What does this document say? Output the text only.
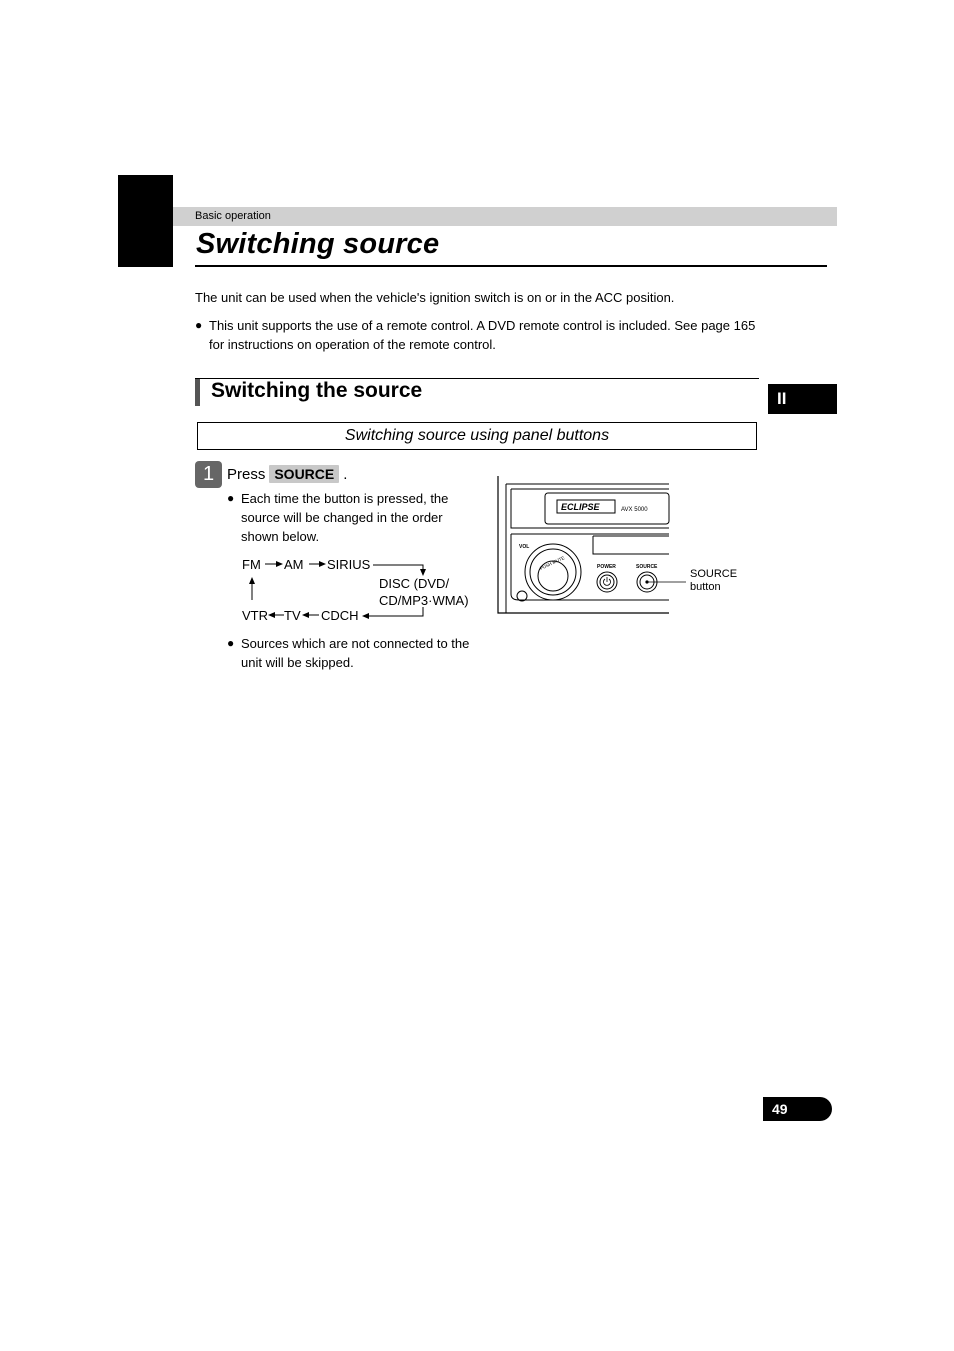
Basic operation
Switching source
The unit can be used when the vehicle's ignition switch is on or in the ACC position.
● This unit supports the use of a remote control. A DVD remote control is included. See page 165 for instructions on operation of the remote control.
Switching the source	II
Switching source using panel buttons
1 Press SOURCE .
● Each time the button is pressed, the source will be changed in the order shown below.
FM AM SIRIUS
DISC (DVD/
CD/MP3·WMA)
CDCH
TV
VTR
● Sources which are not connected to the unit will be skipped.
ECLIPSE	AVX 5000
VOL
PUSH MUTE	POWER	SOURCE
SOURCE
button
49
